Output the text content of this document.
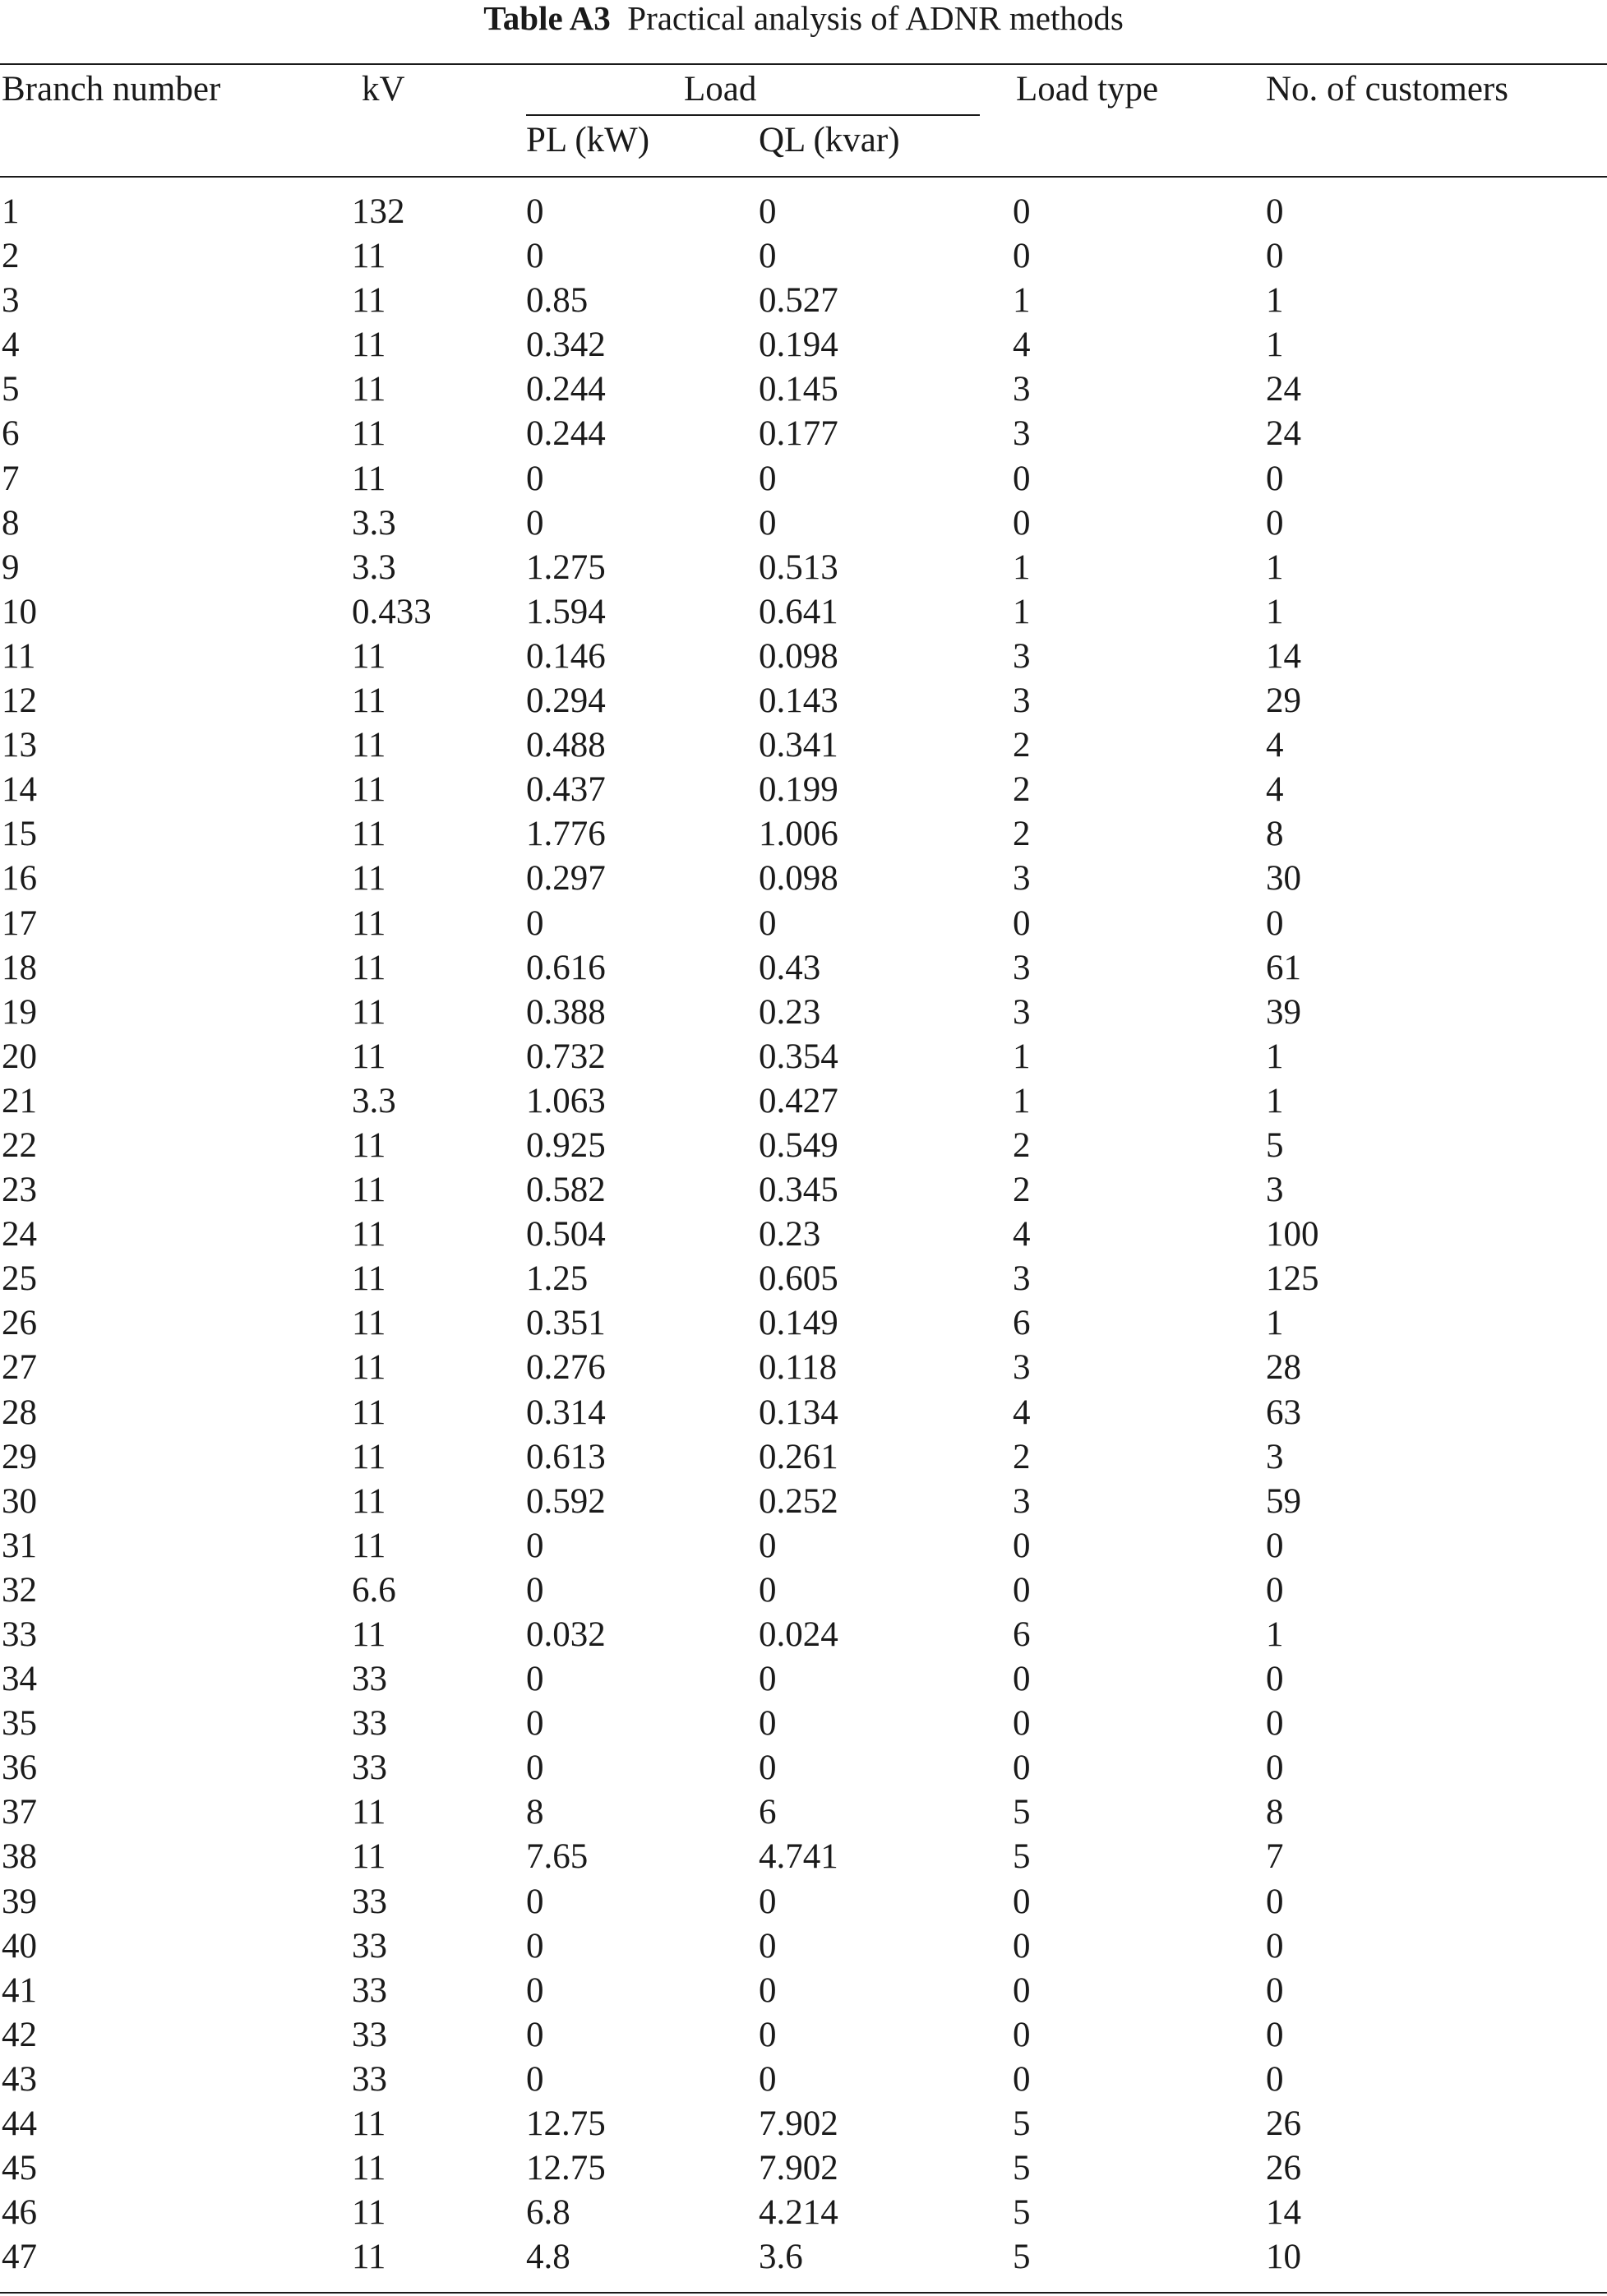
Table A3 Practical analysis of ADNR methods
Branch number	kV	Load
PL (kW)	QL (kvar)
Load type	No. of customers
1	132	0	0	0	0
2	11	0	0	0	0
3	11	0.85	0.527	1	1
4	11	0.342	0.194	4	1
5	11	0.244	0.145	3	24
6	11	0.244	0.177	3	24
7	11	0	0	0	0
8	3.3	0	0	0	0
9	3.3	1.275	0.513	1	1
10	0.433	1.594	0.641	1	1
11	11	0.146	0.098	3	14
12	11	0.294	0.143	3	29
13	11	0.488	0.341	2	4
14	11	0.437	0.199	2	4
15	11	1.776	1.006	2	8
16	11	0.297	0.098	3	30
17	11	0	0	0	0
18	11	0.616	0.43	3	61
19	11	0.388	0.23	3	39
20	11	0.732	0.354	1	1
21	3.3	1.063	0.427	1	1
22	11	0.925	0.549	2	5
23	11	0.582	0.345	2	3
24	11	0.504	0.23	4	100
25	11	1.25	0.605	3	125
26	11	0.351	0.149	6	1
27	11	0.276	0.118	3	28
28	11	0.314	0.134	4	63
29	11	0.613	0.261	2	3
30	11	0.592	0.252	3	59
31	11	0	0	0	0
32	6.6	0	0	0	0
33	11	0.032	0.024	6	1
34	33	0	0	0	0
35	33	0	0	0	0
36	33	0	0	0	0
37	11	8	6	5	8
38	11	7.65	4.741	5	7
39	33	0	0	0	0
40	33	0	0	0	0
41	33	0	0	0	0
42	33	0	0	0	0
43	33	0	0	0	0
44	11	12.75	7.902	5	26
45	11	12.75	7.902	5	26
46	11	6.8	4.214	5	14
47	11	4.8	3.6	5	10
